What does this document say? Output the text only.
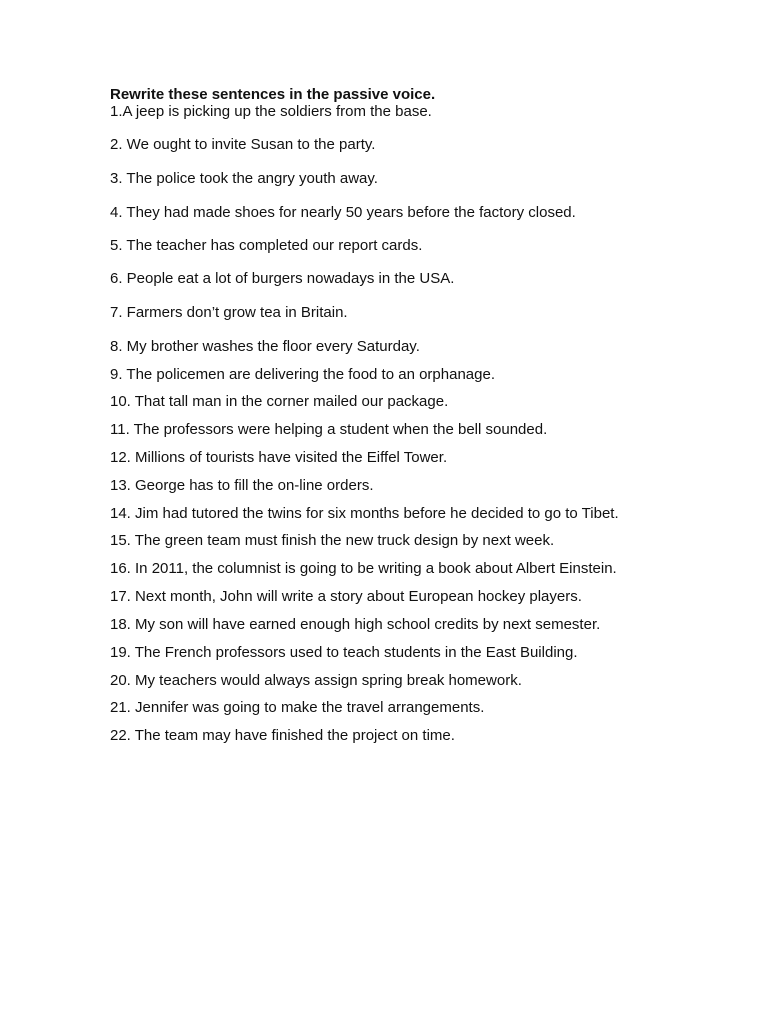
Rewrite these sentences in the passive voice.
1.A jeep is picking up the soldiers from the base.
2. We ought to invite Susan to the party.
3. The police took the angry youth away.
4. They had made shoes for nearly 50 years before the factory closed.
5. The teacher has completed our report cards.
6. People eat a lot of burgers nowadays in the USA.
7. Farmers don’t grow tea in Britain.
8. My brother washes the floor every Saturday.
9. The policemen are delivering the food to an orphanage.
10. That tall man in the corner mailed our package.
11. The professors were helping a student when the bell sounded.
12. Millions of tourists have visited the Eiffel Tower.
13. George has to fill the on-line orders.
14. Jim had tutored the twins for six months before he decided to go to Tibet.
15. The green team must finish the new truck design by next week.
16. In 2011, the columnist is going to be writing a book about Albert Einstein.
17. Next month, John will write a story about European hockey players.
18. My son will have earned enough high school credits by next semester.
19. The French professors used to teach students in the East Building.
20. My teachers would always assign spring break homework.
21. Jennifer was going to make the travel arrangements.
22. The team may have finished the project on time.
